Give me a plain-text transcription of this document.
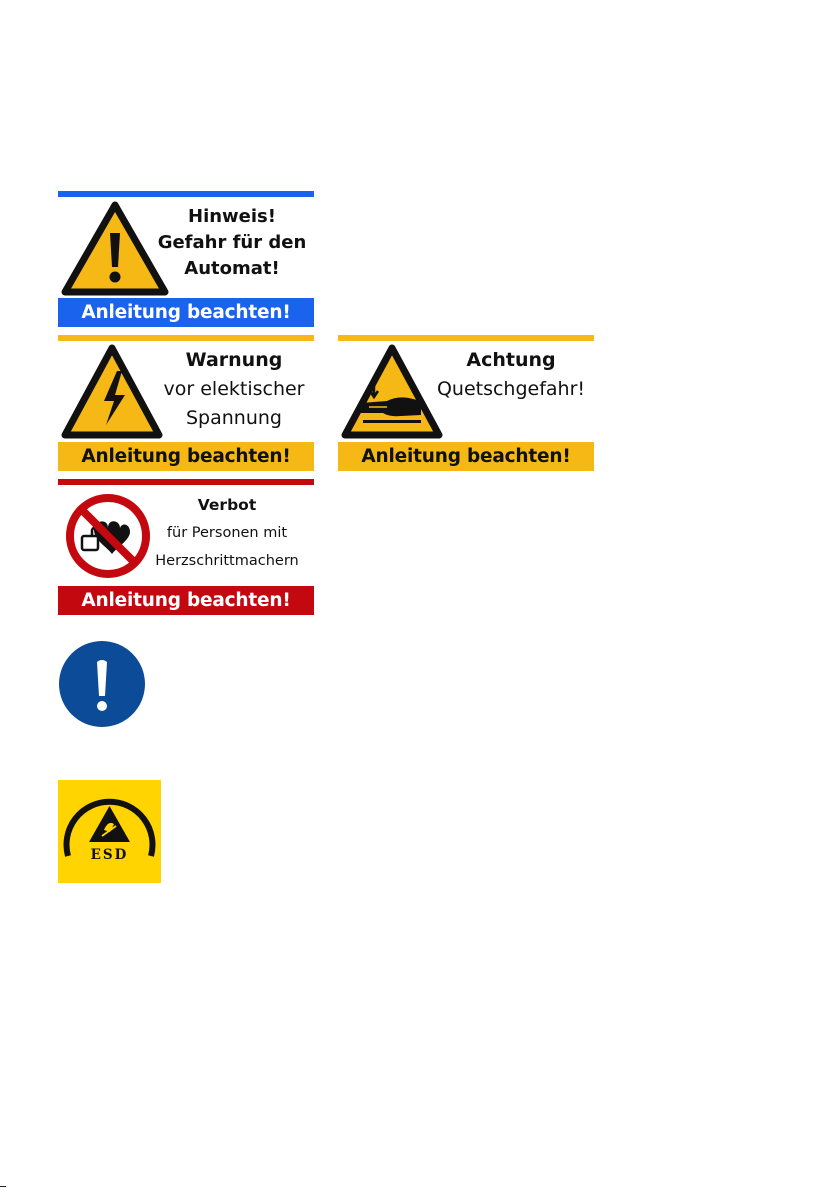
Hinweis!
Gefahr für den
Automat!
Anleitung beachten!
Warnung
vor elektischer
Spannung
Anleitung beachten!
Achtung
Quetschgefahr!
Anleitung beachten!
Verbot
für Personen mit
Herzschrittmachern
Anleitung beachten!
ESD
